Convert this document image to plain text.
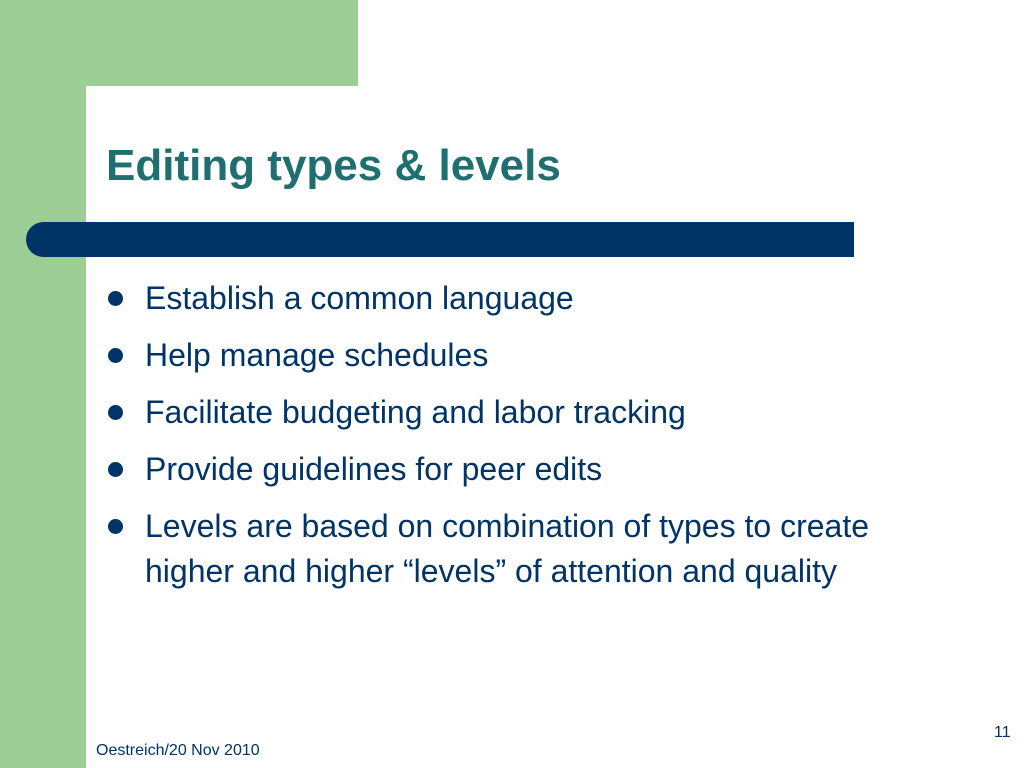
Editing types & levels
Establish a common language
Help manage schedules
Facilitate budgeting and labor tracking
Provide guidelines for peer edits
Levels are based on combination of types to create higher and higher “levels” of attention and quality
Oestreich/20 Nov 2010
11
